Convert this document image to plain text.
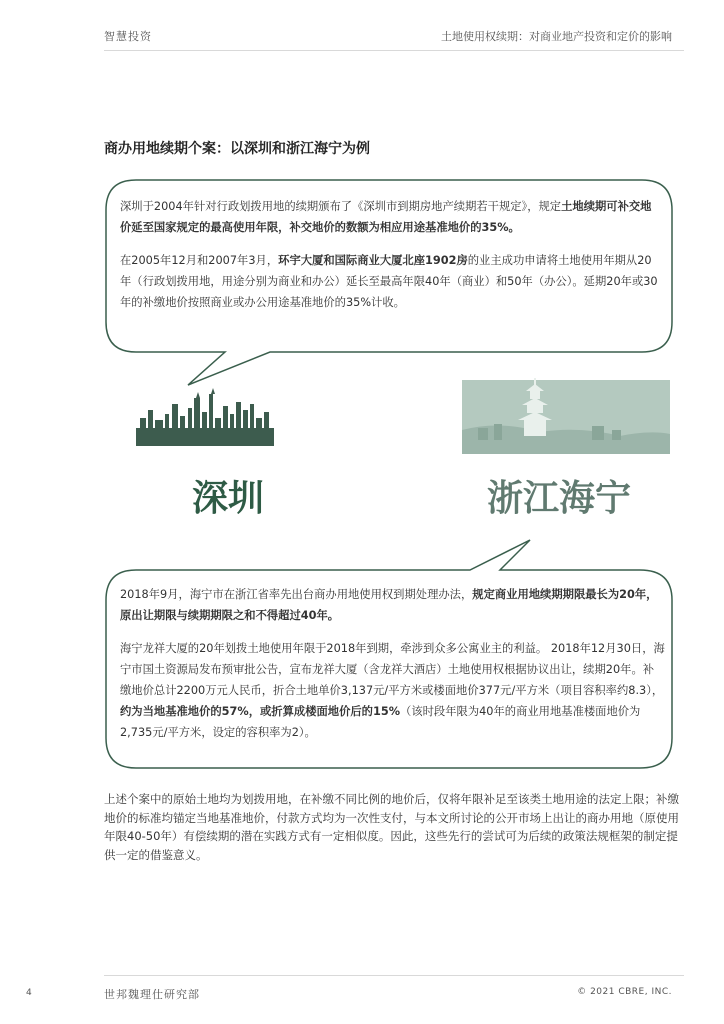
智慧投资	土地使用权续期：对商业地产投资和定价的影响
商办用地续期个案：以深圳和浙江海宁为例

深圳于2004年针对行政划拨用地的续期颁布了《深圳市到期房地产续期若干规定》，规定土地续期可补交地价延至国家规定的最高使用年限，补交地价的数额为相应用途基准地价的35%。

在2005年12月和2007年3月，环宇大厦和国际商业大厦北座1902房的业主成功申请将土地使用年期从20年（行政划拨用地，用途分别为商业和办公）延长至最高年限40年（商业）和50年（办公）。延期20年或30年的补缴地价按照商业或办公用途基准地价的35%计收。

深圳	浙江海宁

2018年9月，海宁市在浙江省率先出台商办用地使用权到期处理办法，规定商业用地续期期限最长为20年，原出让期限与续期期限之和不得超过40年。

海宁龙祥大厦的20年划拨土地使用年限于2018年到期，牵涉到众多公寓业主的利益。 2018年12月30日，海宁市国土资源局发布预审批公告，宣布龙祥大厦（含龙祥大酒店）土地使用权根据协议出让，续期20年。补缴地价总计2200万元人民币，折合土地单价3,137元/平方米或楼面地价377元/平方米（项目容积率约8.3），约为当地基准地价的57%，或折算成楼面地价后的15%（该时段年限为40年的商业用地基准楼面地价为2,735元/平方米，设定的容积率为2）。

上述个案中的原始土地均为划拨用地，在补缴不同比例的地价后，仅将年限补足至该类土地用途的法定上限；补缴地价的标准均锚定当地基准地价，付款方式均为一次性支付，与本文所讨论的公开市场上出让的商办用地（原使用年限40-50年）有偿续期的潜在实践方式有一定相似度。因此，这些先行的尝试可为后续的政策法规框架的制定提供一定的借鉴意义。
4	世邦魏理仕研究部	© 2021 CBRE, INC.
